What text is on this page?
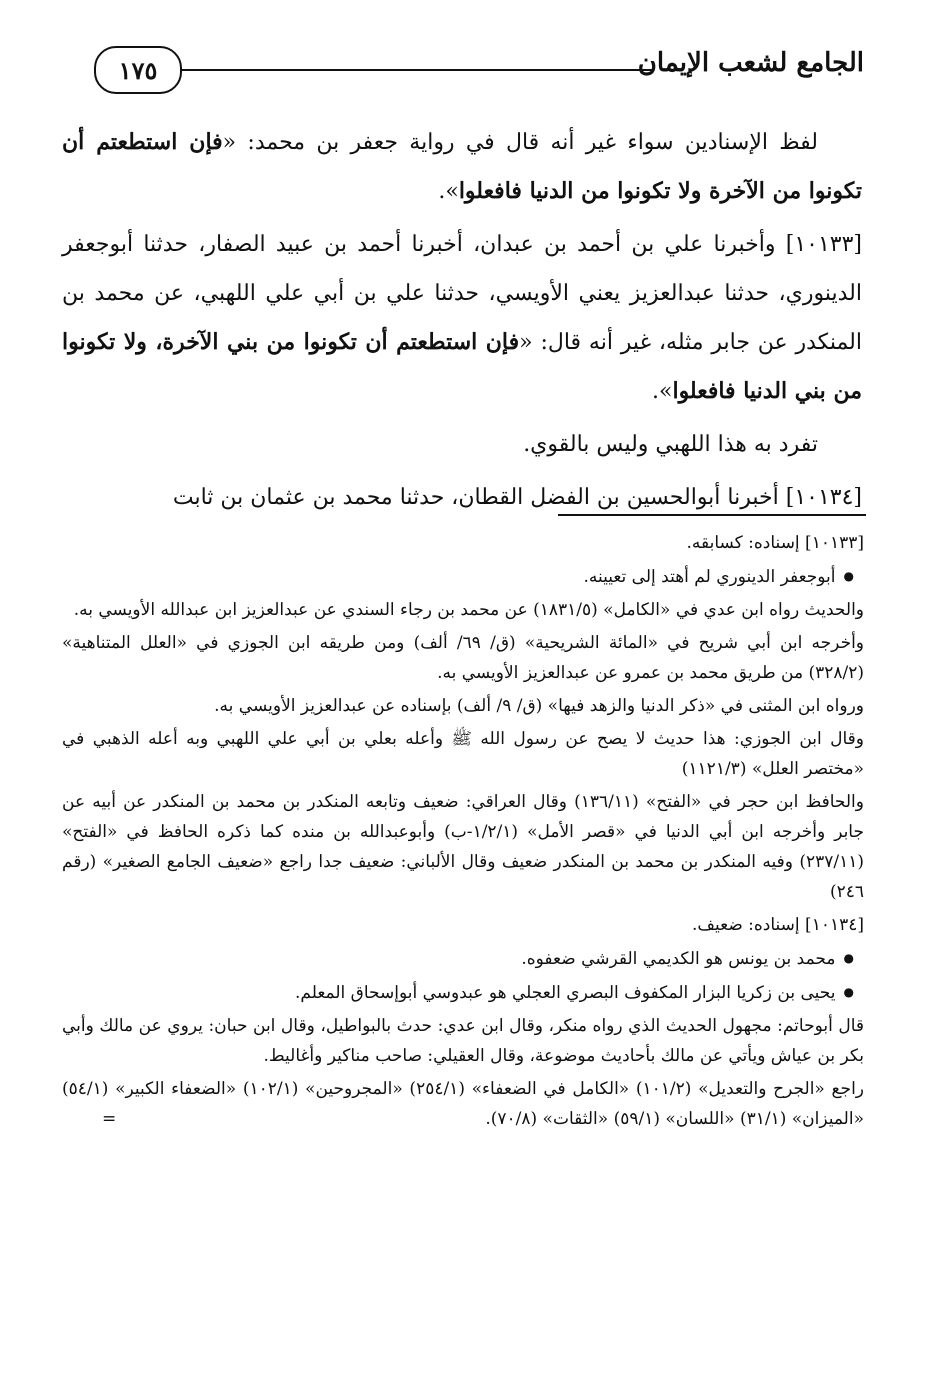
١٧٥	الجامع لشعب الإيمان

لفظ الإسنادين سواء غير أنه قال في رواية جعفر بن محمد: «فإن استطعتم أن تكونوا من الآخرة ولا تكونوا من الدنيا فافعلوا».

[١٠١٣٣] وأخبرنا علي بن أحمد بن عبدان، أخبرنا أحمد بن عبيد الصفار، حدثنا أبوجعفر الدينوري، حدثنا عبدالعزيز يعني الأويسي، حدثنا علي بن أبي علي اللهبي، عن محمد بن المنكدر عن جابر مثله، غير أنه قال: «فإن استطعتم أن تكونوا من بني الآخرة، ولا تكونوا من بني الدنيا فافعلوا».

تفرد به هذا اللهبي وليس بالقوي.

[١٠١٣٤] أخبرنا أبوالحسين بن الفضل القطان، حدثنا محمد بن عثمان بن ثابت

[١٠١٣٣] إسناده: كسابقه.

● أبوجعفر الدينوري لم أهتد إلى تعيينه.

والحديث رواه ابن عدي في «الكامل» (١٨٣١/٥) عن محمد بن رجاء السندي عن عبدالعزيز ابن عبدالله الأويسي به.

وأخرجه ابن أبي شريح في «المائة الشريحية» (ق/ ٦٩/ ألف) ومن طريقه ابن الجوزي في «العلل المتناهية» (٣٢٨/٢) من طريق محمد بن عمرو عن عبدالعزيز الأويسي به.

ورواه ابن المثنى في «ذكر الدنيا والزهد فيها» (ق/ ٩/ ألف) بإسناده عن عبدالعزيز الأويسي به.

وقال ابن الجوزي: هذا حديث لا يصح عن رسول الله ﷺ وأعله بعلي بن أبي علي اللهبي وبه أعله الذهبي في «مختصر العلل» (١١٢١/٣)

والحافظ ابن حجر في «الفتح» (١٣٦/١١) وقال العراقي: ضعيف وتابعه المنكدر بن محمد بن المنكدر عن أبيه عن جابر وأخرجه ابن أبي الدنيا في «قصر الأمل» (١/٢/١-ب) وأبوعبدالله بن منده كما ذكره الحافظ في «الفتح» (٢٣٧/١١) وفيه المنكدر بن محمد بن المنكدر ضعيف وقال الألباني: ضعيف جدا راجع «ضعيف الجامع الصغير» (رقم ٢٤٦)

[١٠١٣٤] إسناده: ضعيف.

● محمد بن يونس هو الكديمي القرشي ضعفوه.

● يحيى بن زكريا البزار المكفوف البصري العجلي هو عبدوسي أبوإسحاق المعلم.

قال أبوحاتم: مجهول الحديث الذي رواه منكر، وقال ابن عدي: حدث بالبواطيل، وقال ابن حبان: يروي عن مالك وأبي بكر بن عياش ويأتي عن مالك بأحاديث موضوعة، وقال العقيلي: صاحب مناكير وأغاليط.

راجع «الجرح والتعديل» (١٠١/٢) «الكامل في الضعفاء» (٢٥٤/١) «المجروحين» (١٠٢/١) «الضعفاء الكبير» (٥٤/١) «الميزان» (٣١/١) «اللسان» (٥٩/١) «الثقات» (٧٠/٨).
=
